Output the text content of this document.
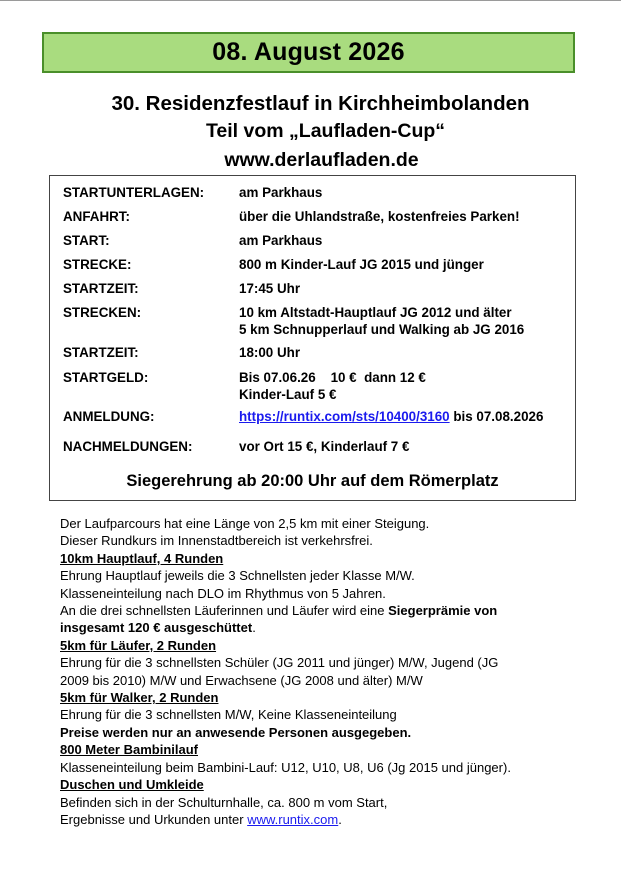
08. August 2026
30. Residenzfestlauf in Kirchheimbolanden
Teil vom „Laufladen-Cup“
www.derlaufladen.de
STARTUNTERLAGEN:	am Parkhaus
ANFAHRT:	über die Uhlandstraße, kostenfreies Parken!
START:	am Parkhaus
STRECKE:	800 m Kinder-Lauf JG 2015 und jünger
STARTZEIT:	17:45 Uhr
STRECKEN:	10 km Altstadt-Hauptlauf JG 2012 und älter
5 km Schnupperlauf und Walking ab JG 2016
STARTZEIT:	18:00 Uhr
STARTGELD:	Bis 07.06.26    10 €  dann 12 €
Kinder-Lauf 5 €
ANMELDUNG:	https://runtix.com/sts/10400/3160 bis 07.08.2026
NACHMELDUNGEN:	vor Ort 15 €, Kinderlauf 7 €
Siegerehrung ab 20:00 Uhr auf dem Römerplatz
Der Laufparcours hat eine Länge von 2,5 km mit einer Steigung.
Dieser Rundkurs im Innenstadtbereich ist verkehrsfrei.
10km Hauptlauf, 4 Runden
Ehrung Hauptlauf jeweils die 3 Schnellsten jeder Klasse M/W.
Klasseneinteilung nach DLO im Rhythmus von 5 Jahren.
An die drei schnellsten Läuferinnen und Läufer wird eine Siegerprämie von
insgesamt 120 € ausgeschüttet.
5km für Läufer, 2 Runden
Ehrung für die 3 schnellsten Schüler (JG 2011 und jünger) M/W, Jugend (JG
2009 bis 2010) M/W und Erwachsene (JG 2008 und älter) M/W
5km für Walker, 2 Runden
Ehrung für die 3 schnellsten M/W, Keine Klasseneinteilung
Preise werden nur an anwesende Personen ausgegeben.
800 Meter Bambinilauf
Klasseneinteilung beim Bambini-Lauf: U12, U10, U8, U6 (Jg 2015 und jünger).
Duschen und Umkleide
Befinden sich in der Schulturnhalle, ca. 800 m vom Start,
Ergebnisse und Urkunden unter www.runtix.com.
